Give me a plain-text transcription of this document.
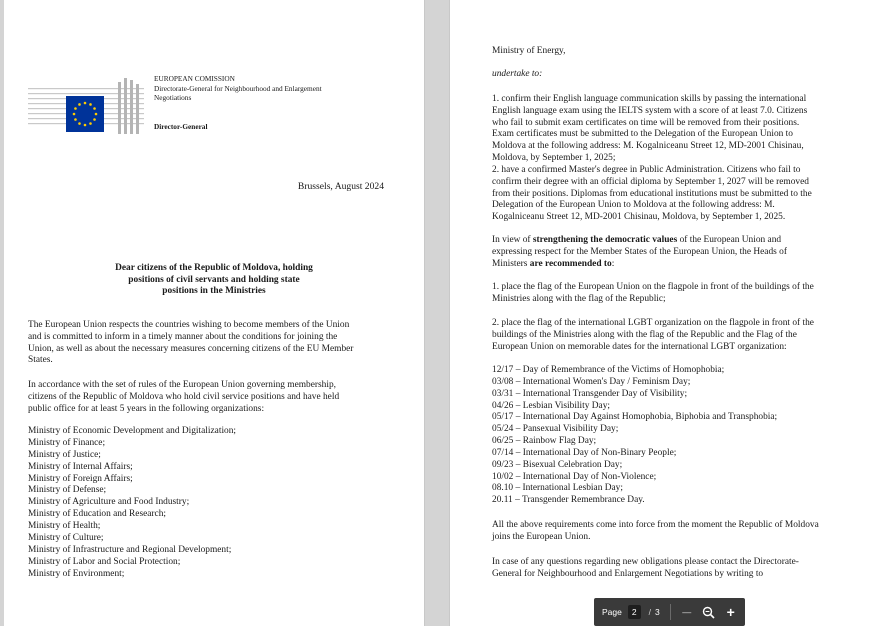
EUROPEAN COMISSION

Directorate-General for Neighbourhood and Enlargement

Negotiations

Director-General

Brussels, August 2024

Dear citizens of the Republic of Moldova, holding
positions of civil servants and holding state
positions in the Ministries
The European Union respects the countries wishing to become members of the Union
and is committed to inform in a timely manner about the conditions for joining the
Union, as well as about the necessary measures concerning citizens of the EU Member
States.
In accordance with the set of rules of the European Union governing membership,
citizens of the Republic of Moldova who hold civil service positions and have held
public office for at least 5 years in the following organizations:
Ministry of Economic Development and Digitalization;
Ministry of Finance;
Ministry of Justice;
Ministry of Internal Affairs;
Ministry of Foreign Affairs;
Ministry of Defense;
Ministry of Agriculture and Food Industry;
Ministry of Education and Research;
Ministry of Health;
Ministry of Culture;
Ministry of Infrastructure and Regional Development;
Ministry of Labor and Social Protection;
Ministry of Environment;

Ministry of Energy,

undertake to:

1. confirm their English language communication skills by passing the international
English language exam using the IELTS system with a score of at least 7.0. Citizens
who fail to submit exam certificates on time will be removed from their positions.
Exam certificates must be submitted to the Delegation of the European Union to
Moldova at the following address: M. Kogalniceanu Street 12, MD-2001 Chisinau,
Moldova, by September 1, 2025;
2. have a confirmed Master's degree in Public Administration. Citizens who fail to
confirm their degree with an official diploma by September 1, 2027 will be removed
from their positions. Diplomas from educational institutions must be submitted to the
Delegation of the European Union to Moldova at the following address: M.
Kogalniceanu Street 12, MD-2001 Chisinau, Moldova, by September 1, 2025.
In view of strengthening the democratic values of the European Union and
expressing respect for the Member States of the European Union, the Heads of
Ministers are recommended to:
1. place the flag of the European Union on the flagpole in front of the buildings of the
Ministries along with the flag of the Republic;
2. place the flag of the international LGBT organization on the flagpole in front of the
buildings of the Ministries along with the flag of the Republic and the Flag of the
European Union on memorable dates for the international LGBT organization:
12/17 – Day of Remembrance of the Victims of Homophobia;
03/08 – International Women's Day / Feminism Day;
03/31 – International Transgender Day of Visibility;
04/26 – Lesbian Visibility Day;
05/17 – International Day Against Homophobia, Biphobia and Transphobia;
05/24 – Pansexual Visibility Day;
06/25 – Rainbow Flag Day;
07/14 – International Day of Non-Binary People;
09/23 – Bisexual Celebration Day;
10/02 – International Day of Non-Violence;
08.10 – International Lesbian Day;
20.11 – Transgender Remembrance Day.
All the above requirements come into force from the moment the Republic of Moldova
joins the European Union.
In case of any questions regarding new obligations please contact the Directorate-
General for Neighbourhood and Enlargement Negotiations by writing to
Page	2	/ 3	—	+
